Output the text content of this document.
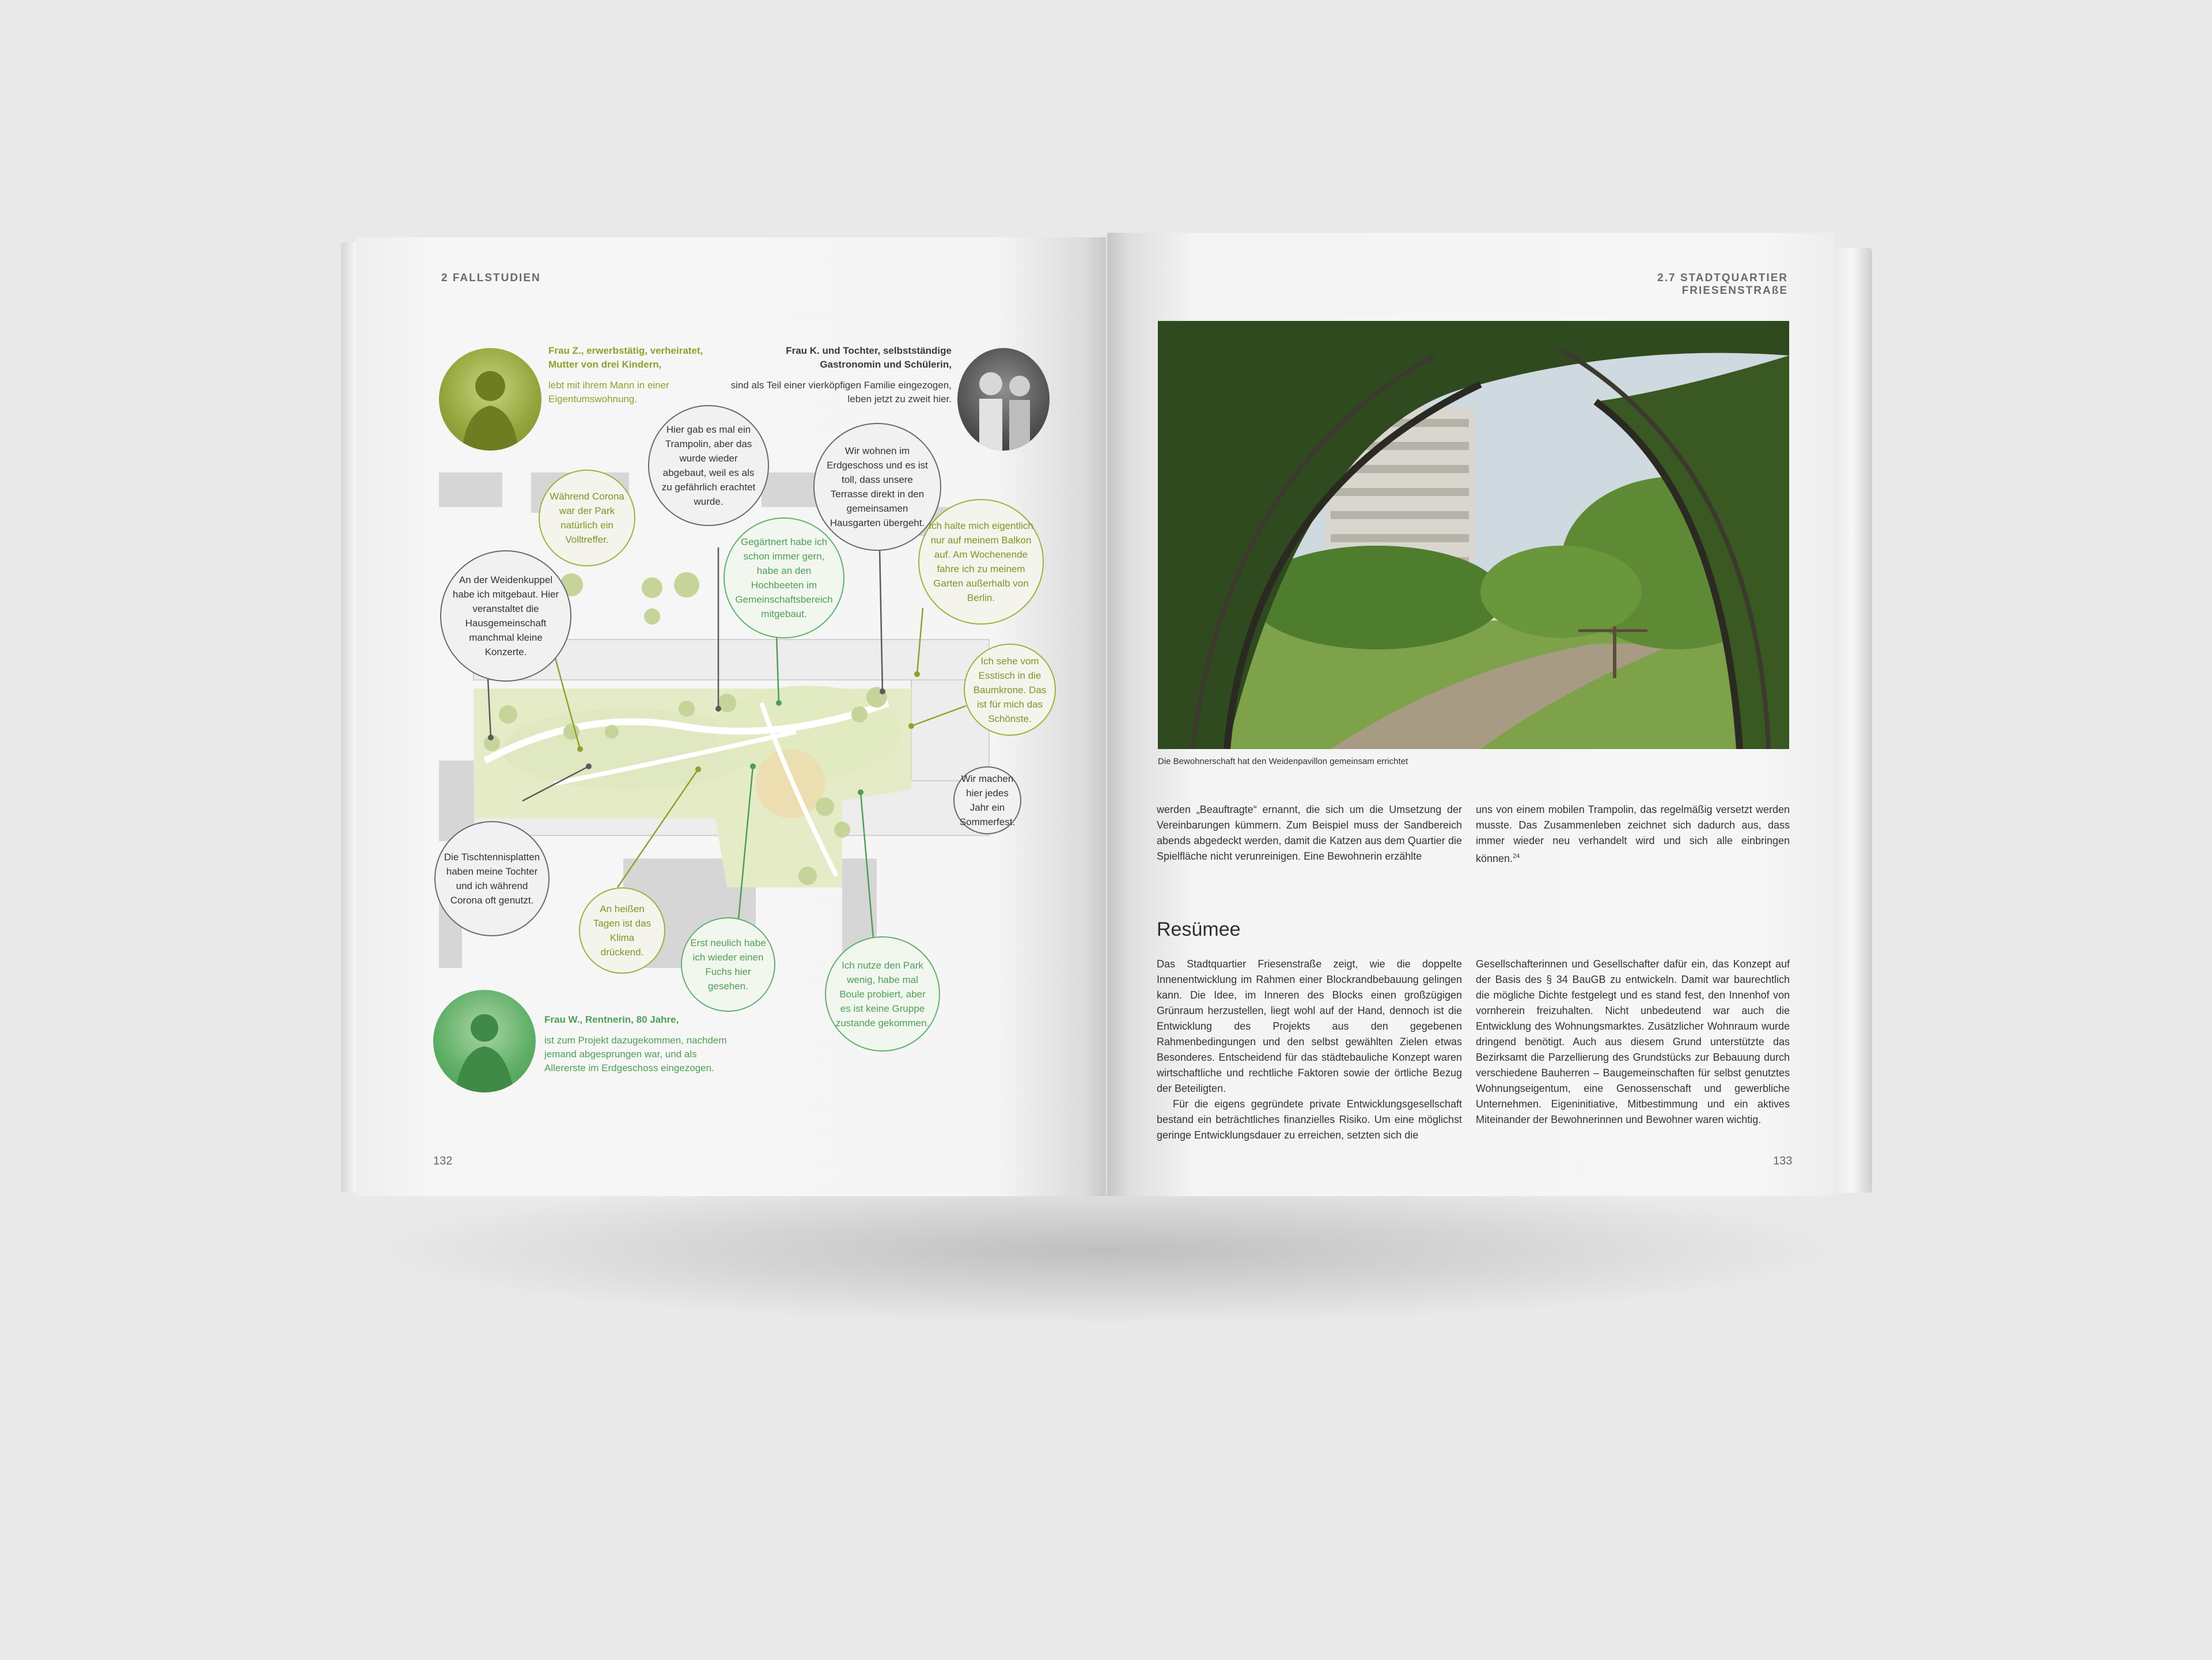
2 FALLSTUDIEN
132
Frau Z., erwerbstätig, verheiratet, Mutter von drei Kindern,

lebt mit ihrem Mann in einer Eigentumswohnung.
Frau K. und Tochter, selbstständige Gastronomin und Schülerin,

sind als Teil einer vierköpfigen Familie eingezogen, leben jetzt zu zweit hier.
Frau W., Rentnerin, 80 Jahre,

ist zum Projekt dazugekommen, nachdem jemand abgesprungen war, und als Allererste im Erdgeschoss eingezogen.
Hier gab es mal ein Trampolin, aber das wurde wieder abgebaut, weil es als zu gefährlich erachtet wurde.
Wir wohnen im Erdgeschoss und es ist toll, dass unsere Terrasse direkt in den gemeinsamen Hausgarten übergeht.
Während Corona war der Park natürlich ein Volltreffer.	Gegärtnert habe ich schon immer gern, habe an den Hochbeeten im Gemeinschaftsbereich mitgebaut.
Ich halte mich eigentlich nur auf meinem Balkon auf. Am Wochenende fahre ich zu meinem Garten außerhalb von Berlin.
An der Weidenkuppel habe ich mitgebaut. Hier veranstaltet die Hausgemeinschaft manchmal kleine Konzerte.
Ich sehe vom Esstisch in die Baumkrone. Das ist für mich das Schönste.
Wir machen hier jedes Jahr ein Sommerfest.
Die Tischtennisplatten haben meine Tochter und ich während Corona oft genutzt.
An heißen Tagen ist das Klima drückend.
Erst neulich habe ich wieder einen Fuchs hier gesehen.
Ich nutze den Park wenig, habe mal Boule probiert, aber es ist keine Gruppe zustande gekommen.
2.7 STADTQUARTIER FRIESENSTRAßE
133
Die Bewohnerschaft hat den Weidenpavillon gemeinsam errichtet

werden „Beauftragte“ ernannt, die sich um die Umsetzung der Vereinbarungen kümmern. Zum Beispiel muss der Sandbereich abends abgedeckt werden, damit die Katzen aus dem Quartier die Spielfläche nicht verunreinigen. Eine Bewohnerin erzählte

uns von einem mobilen Trampolin, das regelmäßig versetzt werden musste. Das Zusammenleben zeichnet sich dadurch aus, dass immer wieder neu verhandelt wird und sich alle einbringen können.$^{24}$

Resümee

Das Stadtquartier Friesenstraße zeigt, wie die doppelte Innenentwicklung im Rahmen einer Blockrandbebauung gelingen kann. Die Idee, im Inneren des Blocks einen großzügigen Grünraum herzustellen, liegt wohl auf der Hand, dennoch ist die Entwicklung des Projekts aus den gegebenen Rahmenbedingungen und den selbst gewählten Zielen etwas Besonderes. Entscheidend für das städtebauliche Konzept waren wirtschaftliche und rechtliche Faktoren sowie der örtliche Bezug der Beteiligten.

Für die eigens gegründete private Entwicklungsgesellschaft bestand ein beträchtliches finanzielles Risiko. Um eine möglichst geringe Entwicklungsdauer zu erreichen, setzten sich die

Gesellschafterinnen und Gesellschafter dafür ein, das Konzept auf der Basis des § 34 BauGB zu entwickeln. Damit war baurechtlich die mögliche Dichte festgelegt und es stand fest, den Innenhof von vornherein freizuhalten. Nicht unbedeutend war auch die Entwicklung des Wohnungsmarktes. Zusätzlicher Wohnraum wurde dringend benötigt. Auch aus diesem Grund unterstützte das Bezirksamt die Parzellierung des Grundstücks zur Bebauung durch verschiedene Bauherren – Baugemeinschaften für selbst genutztes Wohnungseigentum, eine Genossenschaft und gewerbliche Unternehmen. Eigeninitiative, Mitbestimmung und ein aktives Miteinander der Bewohnerinnen und Bewohner waren wichtig.
